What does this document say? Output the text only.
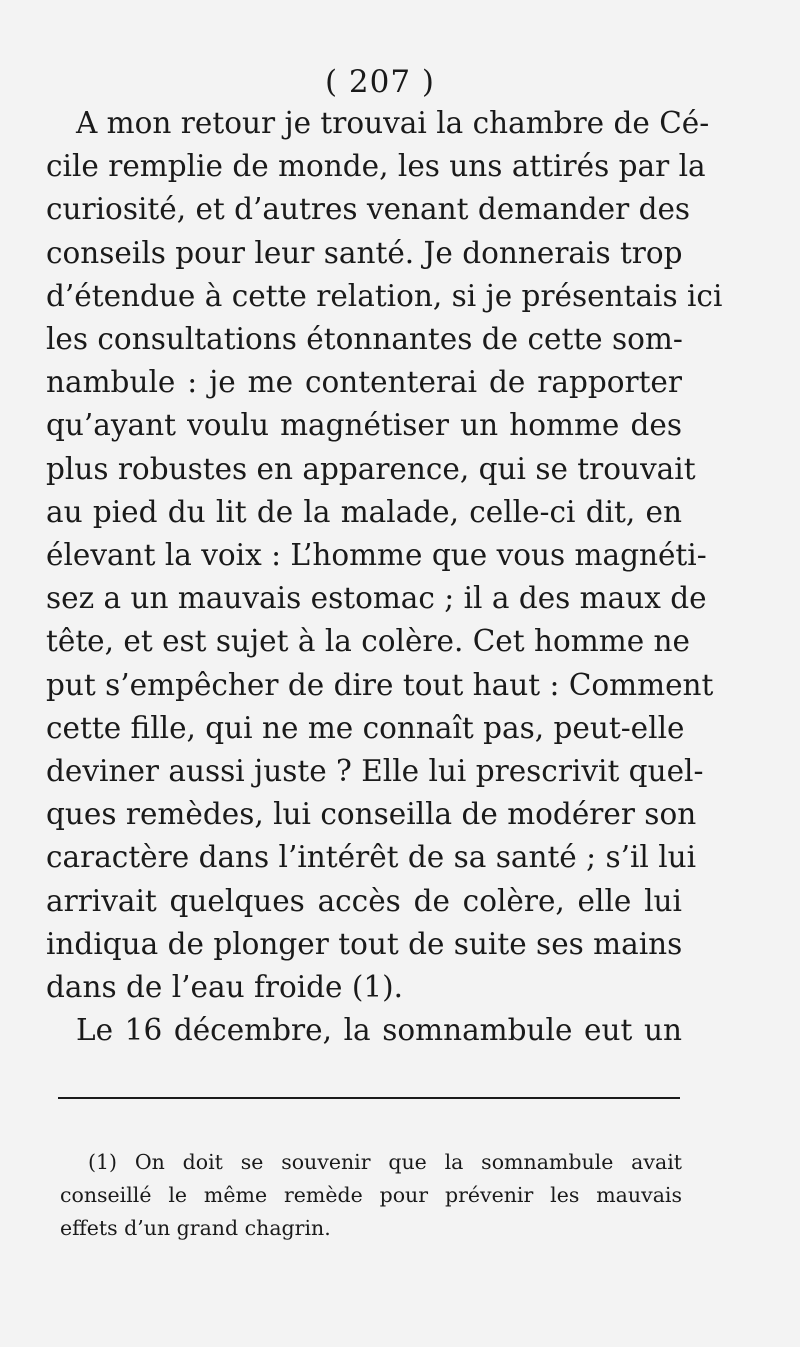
( 207 )
A mon retour je trouvai la chambre de Cé-
cile remplie de monde, les uns attirés par la
curiosité, et d’autres venant demander des
conseils pour leur santé. Je donnerais trop
d’étendue à cette relation, si je présentais ici
les consultations étonnantes de cette som-
nambule : je me contenterai de rapporter
qu’ayant voulu magnétiser un homme des
plus robustes en apparence, qui se trouvait
au pied du lit de la malade, celle-ci dit, en
élevant la voix : L’homme que vous magnéti-
sez a un mauvais estomac ; il a des maux de
tête, et est sujet à la colère. Cet homme ne
put s’empêcher de dire tout haut : Comment
cette fille, qui ne me connaît pas, peut-elle
deviner aussi juste ? Elle lui prescrivit quel-
ques remèdes, lui conseilla de modérer son
caractère dans l’intérêt de sa santé ; s’il lui
arrivait quelques accès de colère, elle lui
indiqua de plonger tout de suite ses mains
dans de l’eau froide (1).
Le 16 décembre, la somnambule eut un
(1) On doit se souvenir que la somnambule avait
conseillé le même remède pour prévenir les mauvais
effets d’un grand chagrin.
